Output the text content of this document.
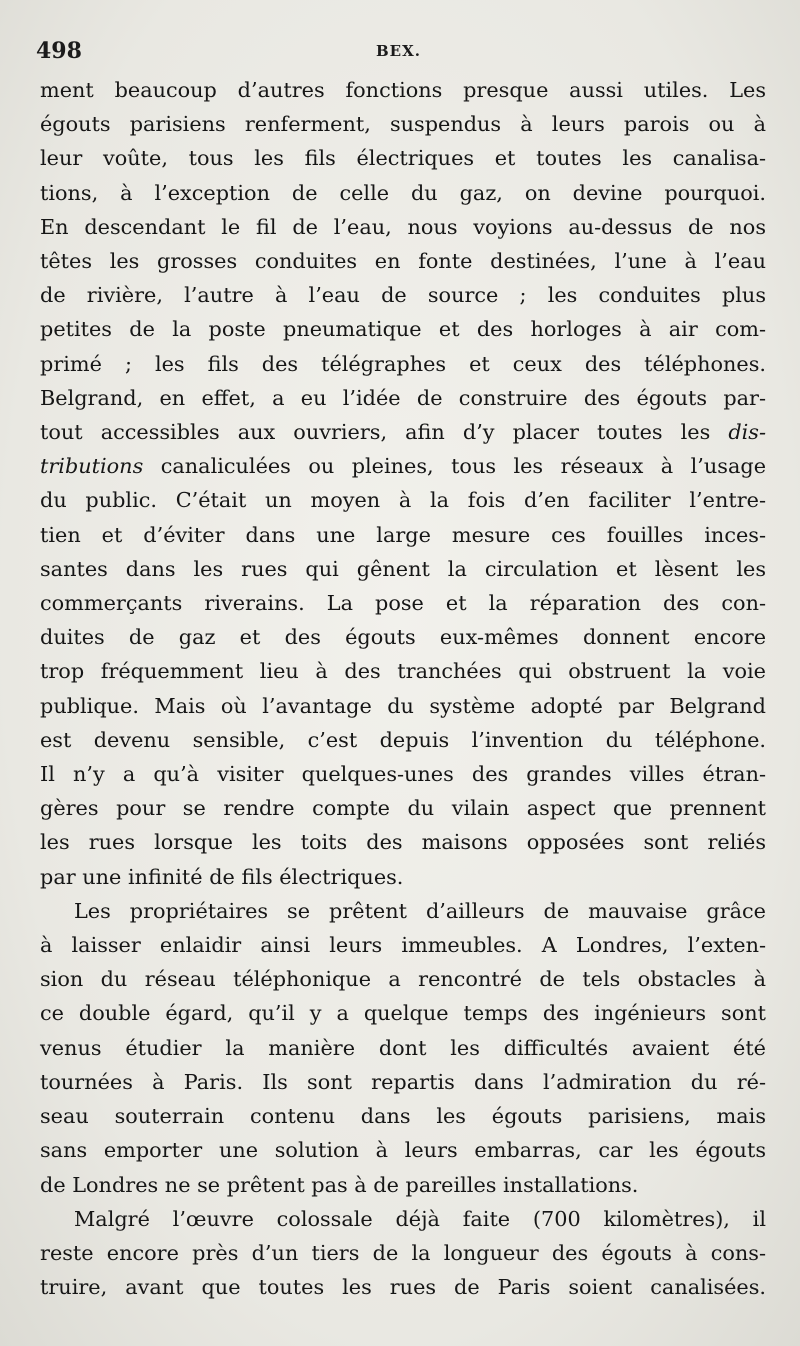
498	BEX.
ment beaucoup d’autres fonctions presque aussi utiles. Les
égouts parisiens renferment, suspendus à leurs parois ou à
leur voûte, tous les fils électriques et toutes les canalisa-
tions, à l’exception de celle du gaz, on devine pourquoi.
En descendant le fil de l’eau, nous voyions au-dessus de nos
têtes les grosses conduites en fonte destinées, l’une à l’eau
de rivière, l’autre à l’eau de source ; les conduites plus
petites de la poste pneumatique et des horloges à air com-
primé ; les fils des télégraphes et ceux des téléphones.
Belgrand, en effet, a eu l’idée de construire des égouts par-
tout accessibles aux ouvriers, afin d’y placer toutes les dis-
tributions canaliculées ou pleines, tous les réseaux à l’usage
du public. C’était un moyen à la fois d’en faciliter l’entre-
tien et d’éviter dans une large mesure ces fouilles inces-
santes dans les rues qui gênent la circulation et lèsent les
commerçants riverains. La pose et la réparation des con-
duites de gaz et des égouts eux-mêmes donnent encore
trop fréquemment lieu à des tranchées qui obstruent la voie
publique. Mais où l’avantage du système adopté par Belgrand
est devenu sensible, c’est depuis l’invention du téléphone.
Il n’y a qu’à visiter quelques-unes des grandes villes étran-
gères pour se rendre compte du vilain aspect que prennent
les rues lorsque les toits des maisons opposées sont reliés
par une infinité de fils électriques.
Les propriétaires se prêtent d’ailleurs de mauvaise grâce
à laisser enlaidir ainsi leurs immeubles. A Londres, l’exten-
sion du réseau téléphonique a rencontré de tels obstacles à
ce double égard, qu’il y a quelque temps des ingénieurs sont
venus étudier la manière dont les difficultés avaient été
tournées à Paris. Ils sont repartis dans l’admiration du ré-
seau souterrain contenu dans les égouts parisiens, mais
sans emporter une solution à leurs embarras, car les égouts
de Londres ne se prêtent pas à de pareilles installations.
Malgré l’œuvre colossale déjà faite (700 kilomètres), il
reste encore près d’un tiers de la longueur des égouts à cons-
truire, avant que toutes les rues de Paris soient canalisées.
